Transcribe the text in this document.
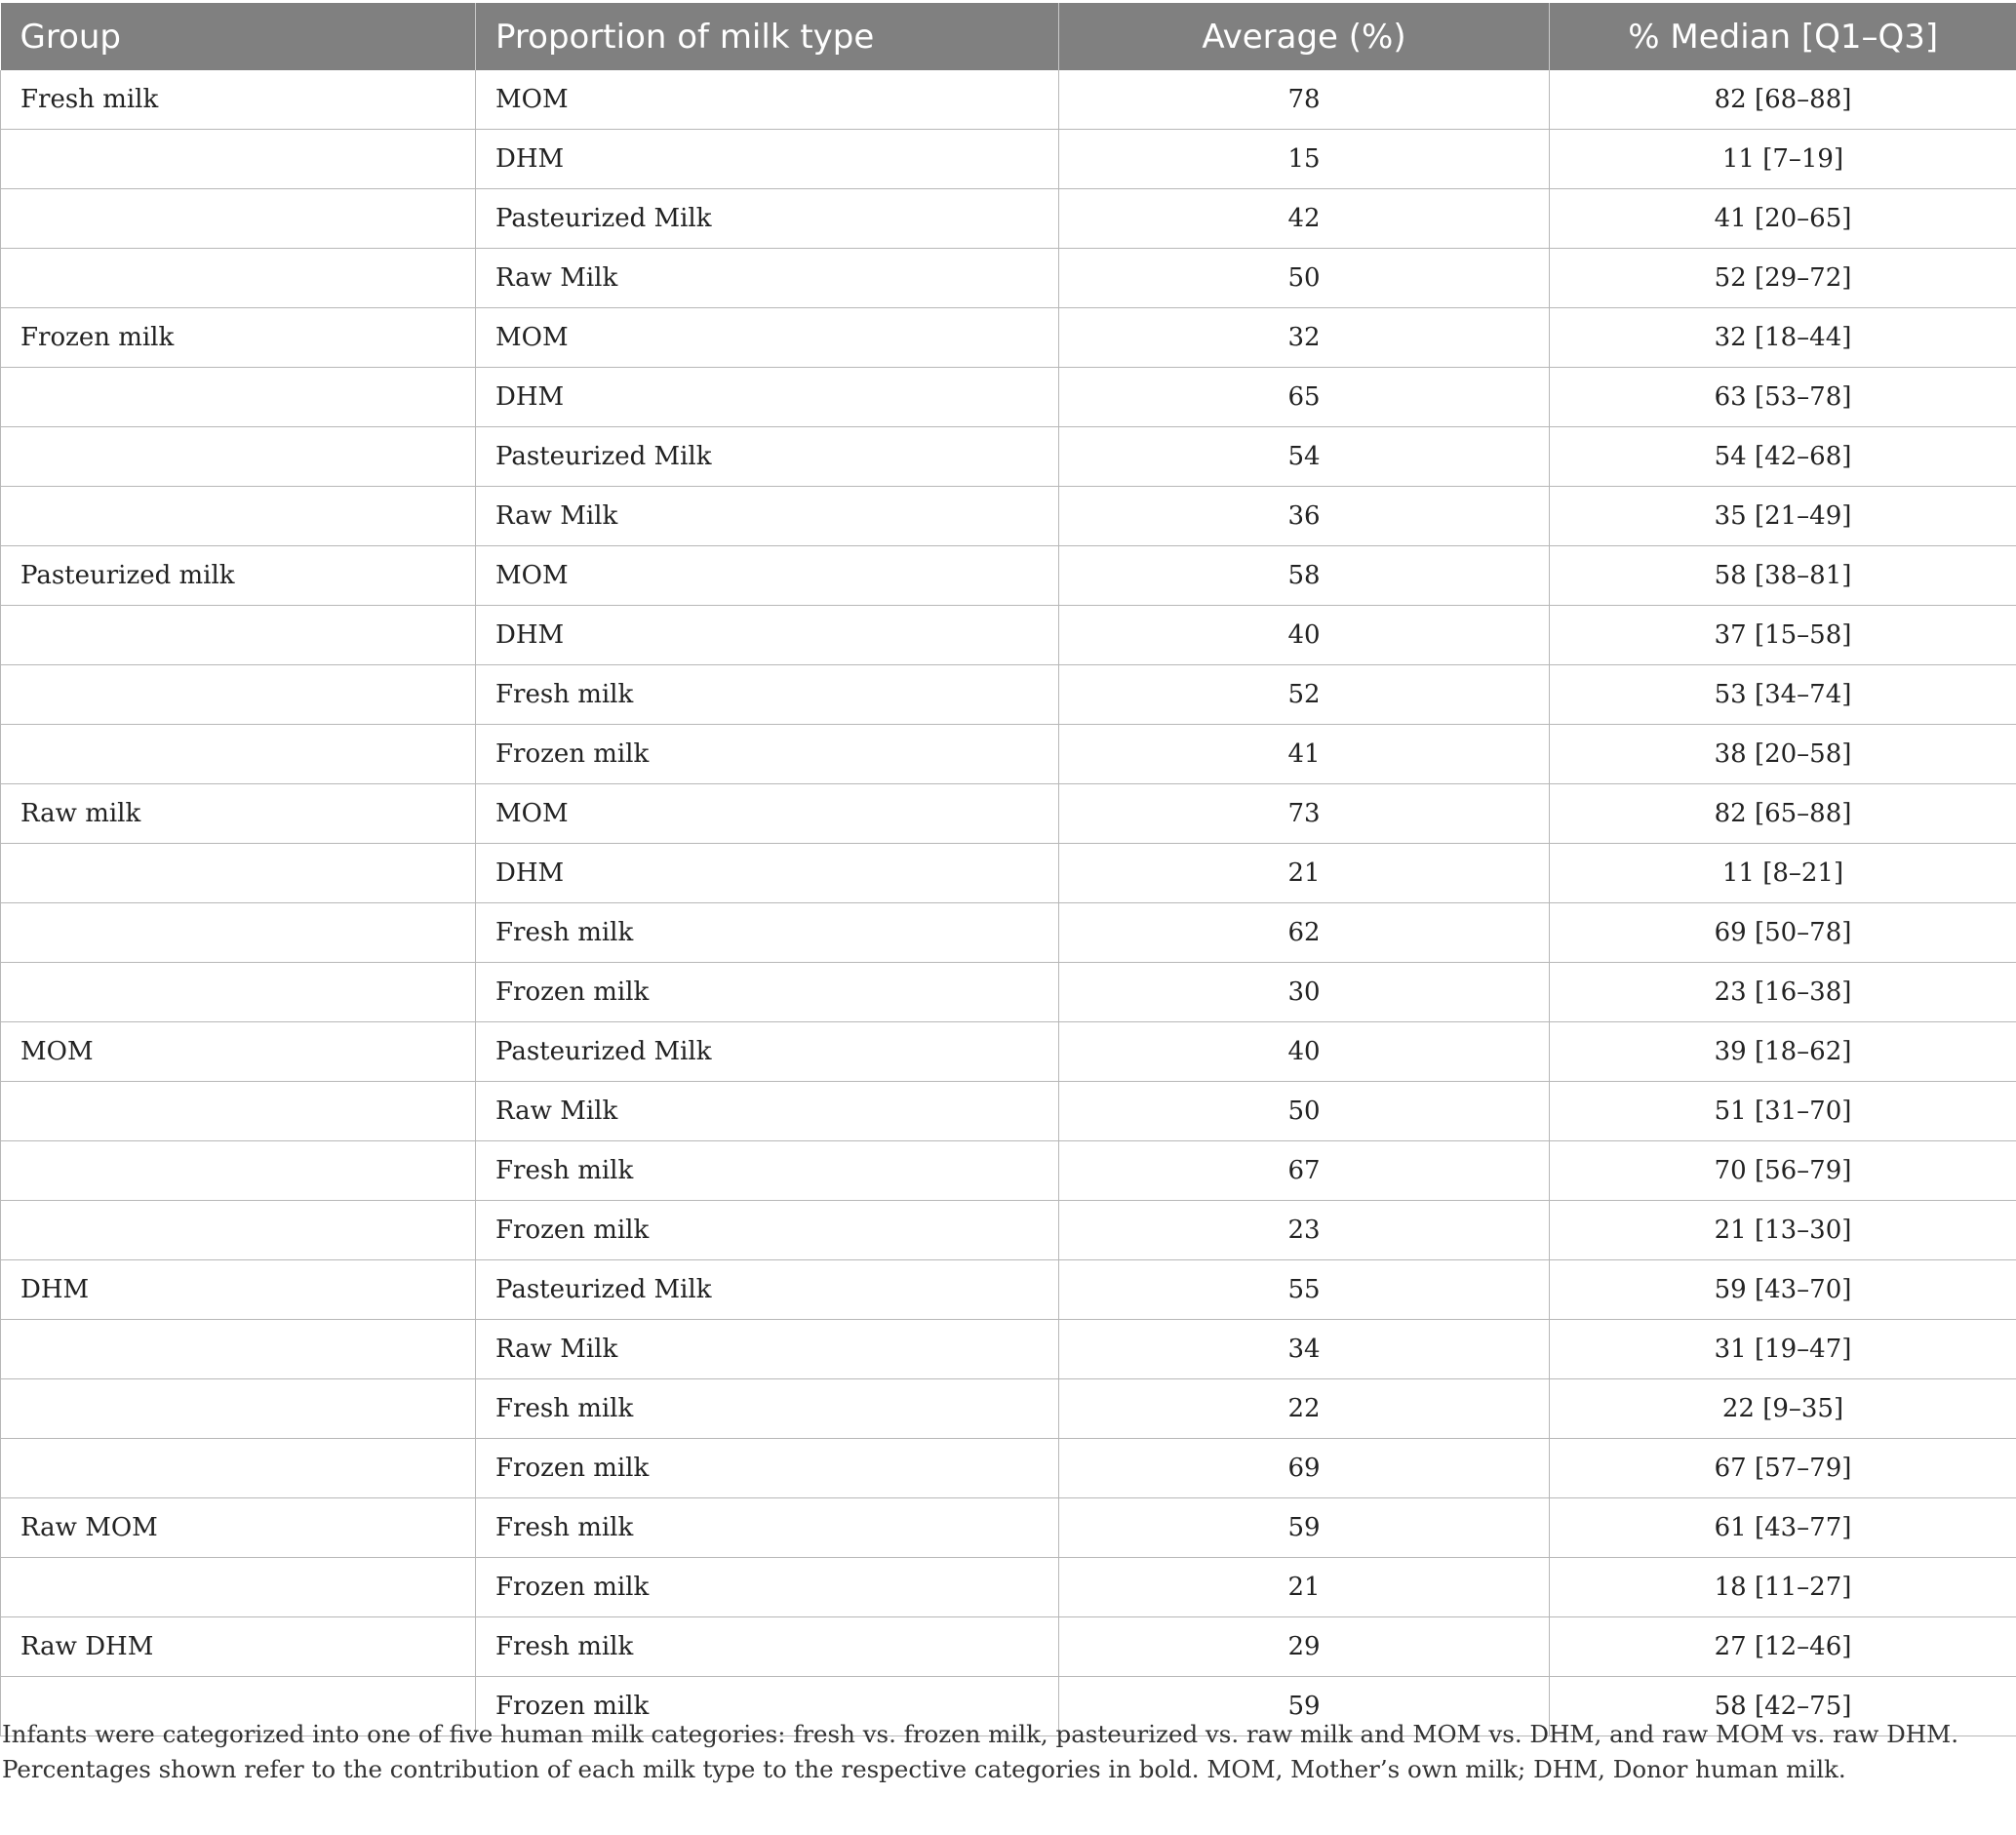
Group	Proportion of milk type	Average (%)	% Median [Q1–Q3]
Fresh milk	MOM	78	82 [68–88]
	DHM	15	11 [7–19]
	Pasteurized Milk	42	41 [20–65]
	Raw Milk	50	52 [29–72]
Frozen milk	MOM	32	32 [18–44]
	DHM	65	63 [53–78]
	Pasteurized Milk	54	54 [42–68]
	Raw Milk	36	35 [21–49]
Pasteurized milk	MOM	58	58 [38–81]
	DHM	40	37 [15–58]
	Fresh milk	52	53 [34–74]
	Frozen milk	41	38 [20–58]
Raw milk	MOM	73	82 [65–88]
	DHM	21	11 [8–21]
	Fresh milk	62	69 [50–78]
	Frozen milk	30	23 [16–38]
MOM	Pasteurized Milk	40	39 [18–62]
	Raw Milk	50	51 [31–70]
	Fresh milk	67	70 [56–79]
	Frozen milk	23	21 [13–30]
DHM	Pasteurized Milk	55	59 [43–70]
	Raw Milk	34	31 [19–47]
	Fresh milk	22	22 [9–35]
	Frozen milk	69	67 [57–79]
Raw MOM	Fresh milk	59	61 [43–77]
	Frozen milk	21	18 [11–27]
Raw DHM	Fresh milk	29	27 [12–46]
	Frozen milk	59	58 [42–75]

Infants were categorized into one of five human milk categories: fresh vs. frozen milk, pasteurized vs. raw milk and MOM vs. DHM, and raw MOM vs. raw DHM. Percentages shown refer to the contribution of each milk type to the respective categories in bold. MOM, Mother’s own milk; DHM, Donor human milk.
